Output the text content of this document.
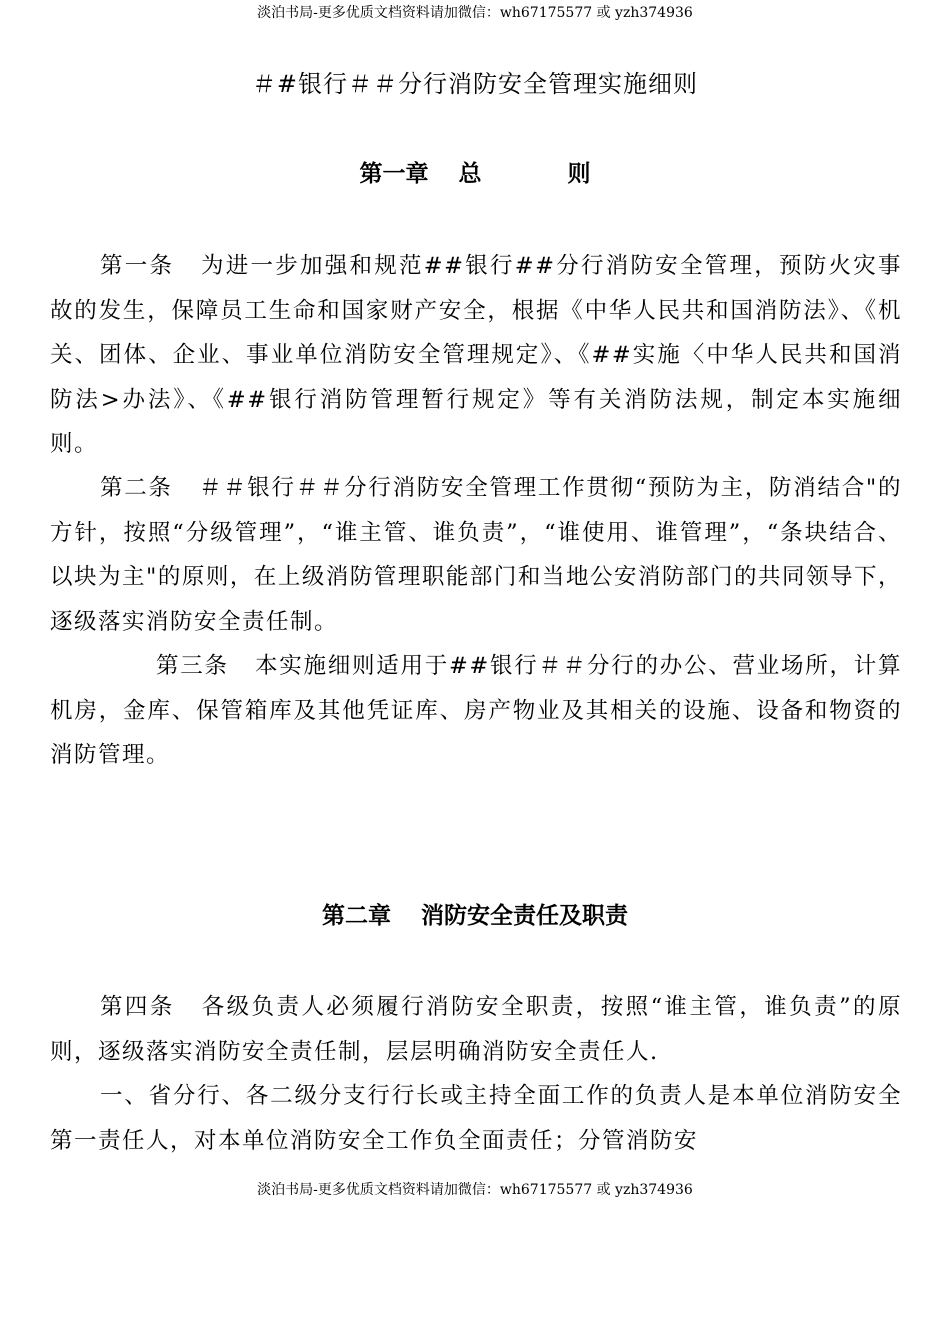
淡泊书局-更多优质文档资料请加微信：wh67175577 或 yzh374936
＃#银行＃＃分行消防安全管理实施细则
第一章 总	则
第一条 为进一步加强和规范##银行##分行消防安全管理，预防火灾事故的发生，保障员工生命和国家财产安全，根据《中华人民共和国消防法》、《机关、团体、企业、事业单位消防安全管理规定》、《##实施〈中华人民共和国消防法>办法》、《##银行消防管理暂行规定》等有关消防法规，制定本实施细则。
第二条 ＃＃银行＃＃分行消防安全管理工作贯彻“预防为主，防消结合"的方针，按照“分级管理”，“谁主管、谁负责”，“谁使用、谁管理”，“条块结合、以块为主"的原则，在上级消防管理职能部门和当地公安消防部门的共同领导下，逐级落实消防安全责任制。
第三条 本实施细则适用于##银行＃＃分行的办公、营业场所，计算机房，金库、保管箱库及其他凭证库、房产物业及其相关的设施、设备和物资的消防管理。
第二章 消防安全责任及职责
第四条 各级负责人必须履行消防安全职责，按照“谁主管，谁负责”的原则，逐级落实消防安全责任制，层层明确消防安全责任人.
一、省分行、各二级分支行行长或主持全面工作的负责人是本单位消防安全第一责任人，对本单位消防安全工作负全面责任；分管消防安
淡泊书局-更多优质文档资料请加微信：wh67175577 或 yzh374936
